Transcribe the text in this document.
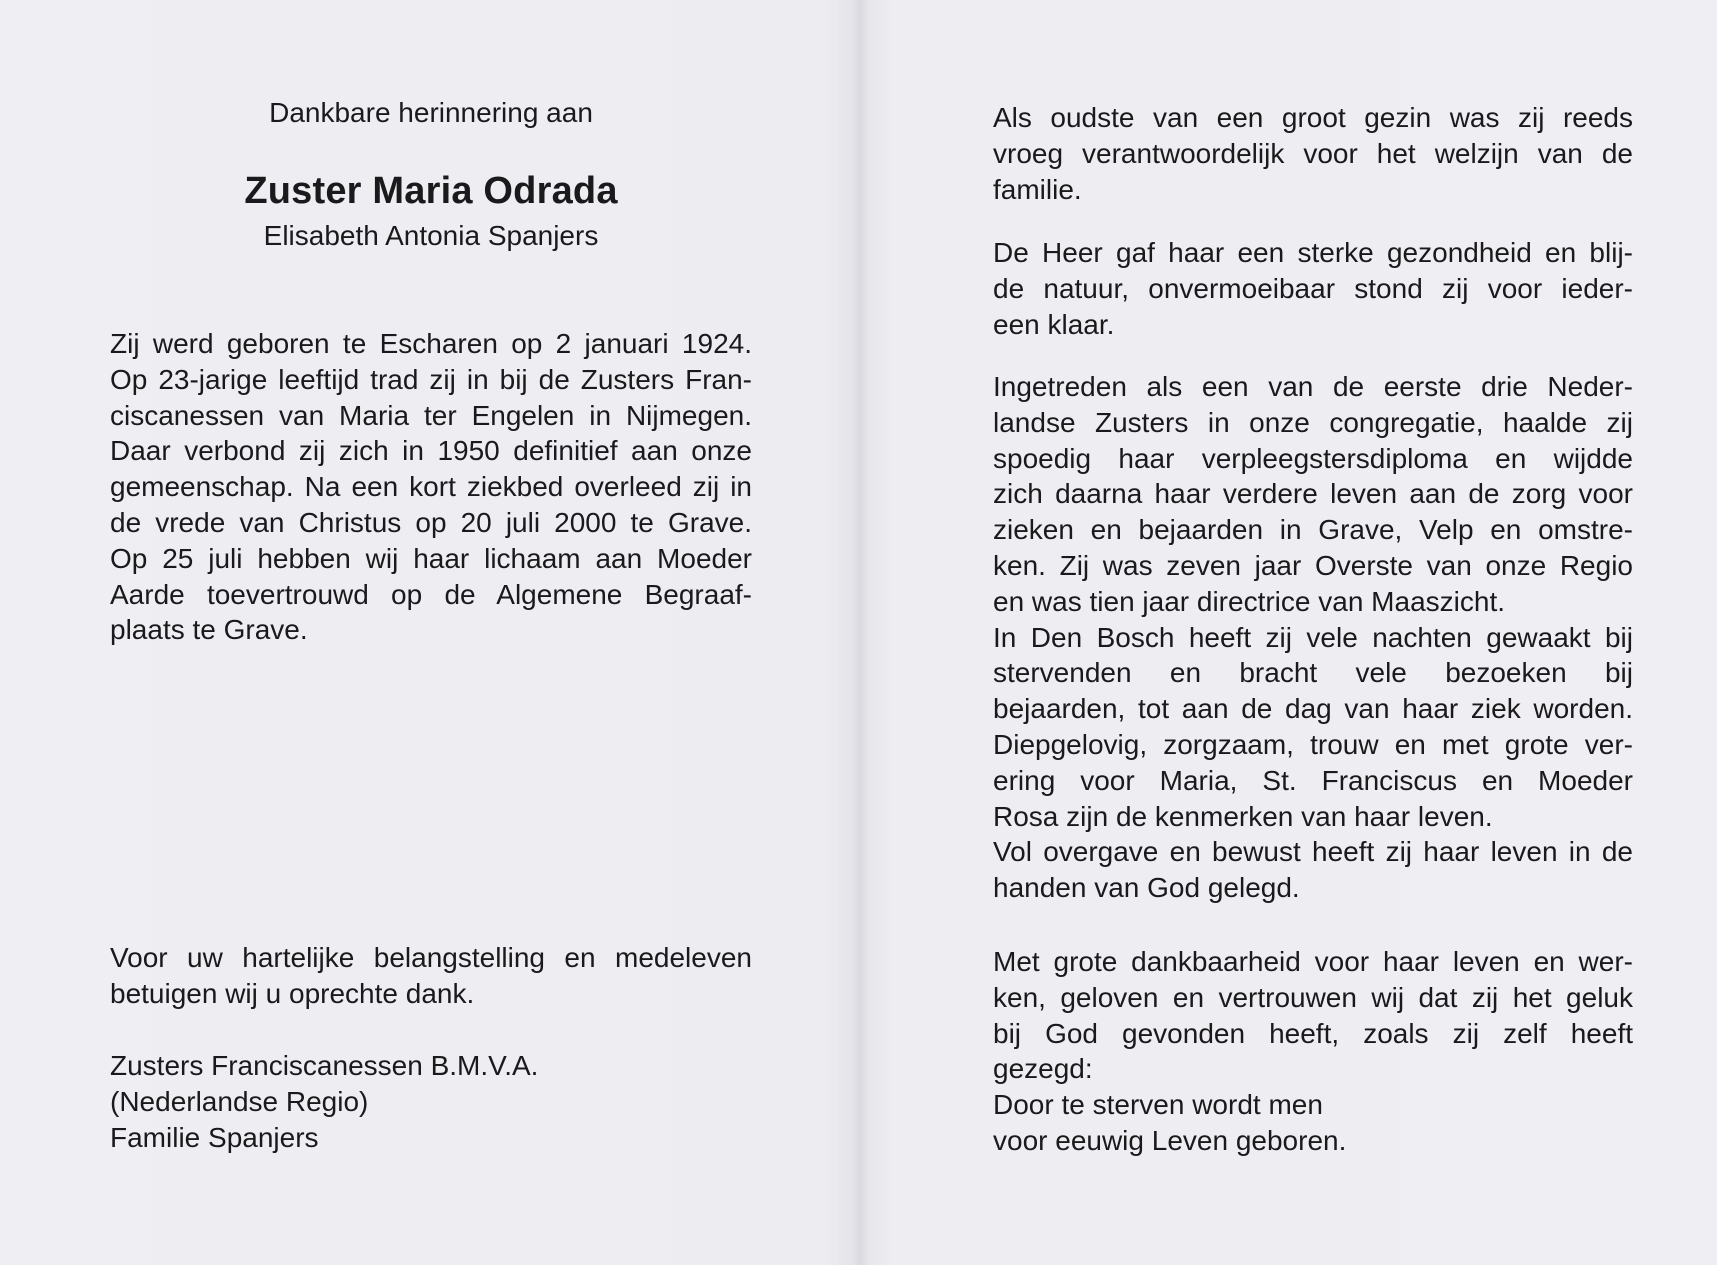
Dankbare herinnering aan
Zuster Maria Odrada
Elisabeth Antonia Spanjers
Zij werd geboren te Escharen op 2 januari 1924.
Op 23-jarige leeftijd trad zij in bij de Zusters Fran-
ciscanessen van Maria ter Engelen in Nijmegen.
Daar verbond zij zich in 1950 definitief aan onze
gemeenschap. Na een kort ziekbed overleed zij in
de vrede van Christus op 20 juli 2000 te Grave.
Op 25 juli hebben wij haar lichaam aan Moeder
Aarde toevertrouwd op de Algemene Begraaf-
plaats te Grave.
Voor uw hartelijke belangstelling en medeleven
betuigen wij u oprechte dank.
Zusters Franciscanessen B.M.V.A.
(Nederlandse Regio)
Familie Spanjers
Als oudste van een groot gezin was zij reeds
vroeg verantwoordelijk voor het welzijn van de
familie.
De Heer gaf haar een sterke gezondheid en blij-
de natuur, onvermoeibaar stond zij voor ieder-
een klaar.
Ingetreden als een van de eerste drie Neder-
landse Zusters in onze congregatie, haalde zij
spoedig haar verpleegstersdiploma en wijdde
zich daarna haar verdere leven aan de zorg voor
zieken en bejaarden in Grave, Velp en omstre-
ken. Zij was zeven jaar Overste van onze Regio
en was tien jaar directrice van Maaszicht.
In Den Bosch heeft zij vele nachten gewaakt bij
stervenden en bracht vele bezoeken bij
bejaarden, tot aan de dag van haar ziek worden.
Diepgelovig, zorgzaam, trouw en met grote ver-
ering voor Maria, St. Franciscus en Moeder
Rosa zijn de kenmerken van haar leven.
Vol overgave en bewust heeft zij haar leven in de
handen van God gelegd.
Met grote dankbaarheid voor haar leven en wer-
ken, geloven en vertrouwen wij dat zij het geluk
bij God gevonden heeft, zoals zij zelf heeft
gezegd:
Door te sterven wordt men
voor eeuwig Leven geboren.
